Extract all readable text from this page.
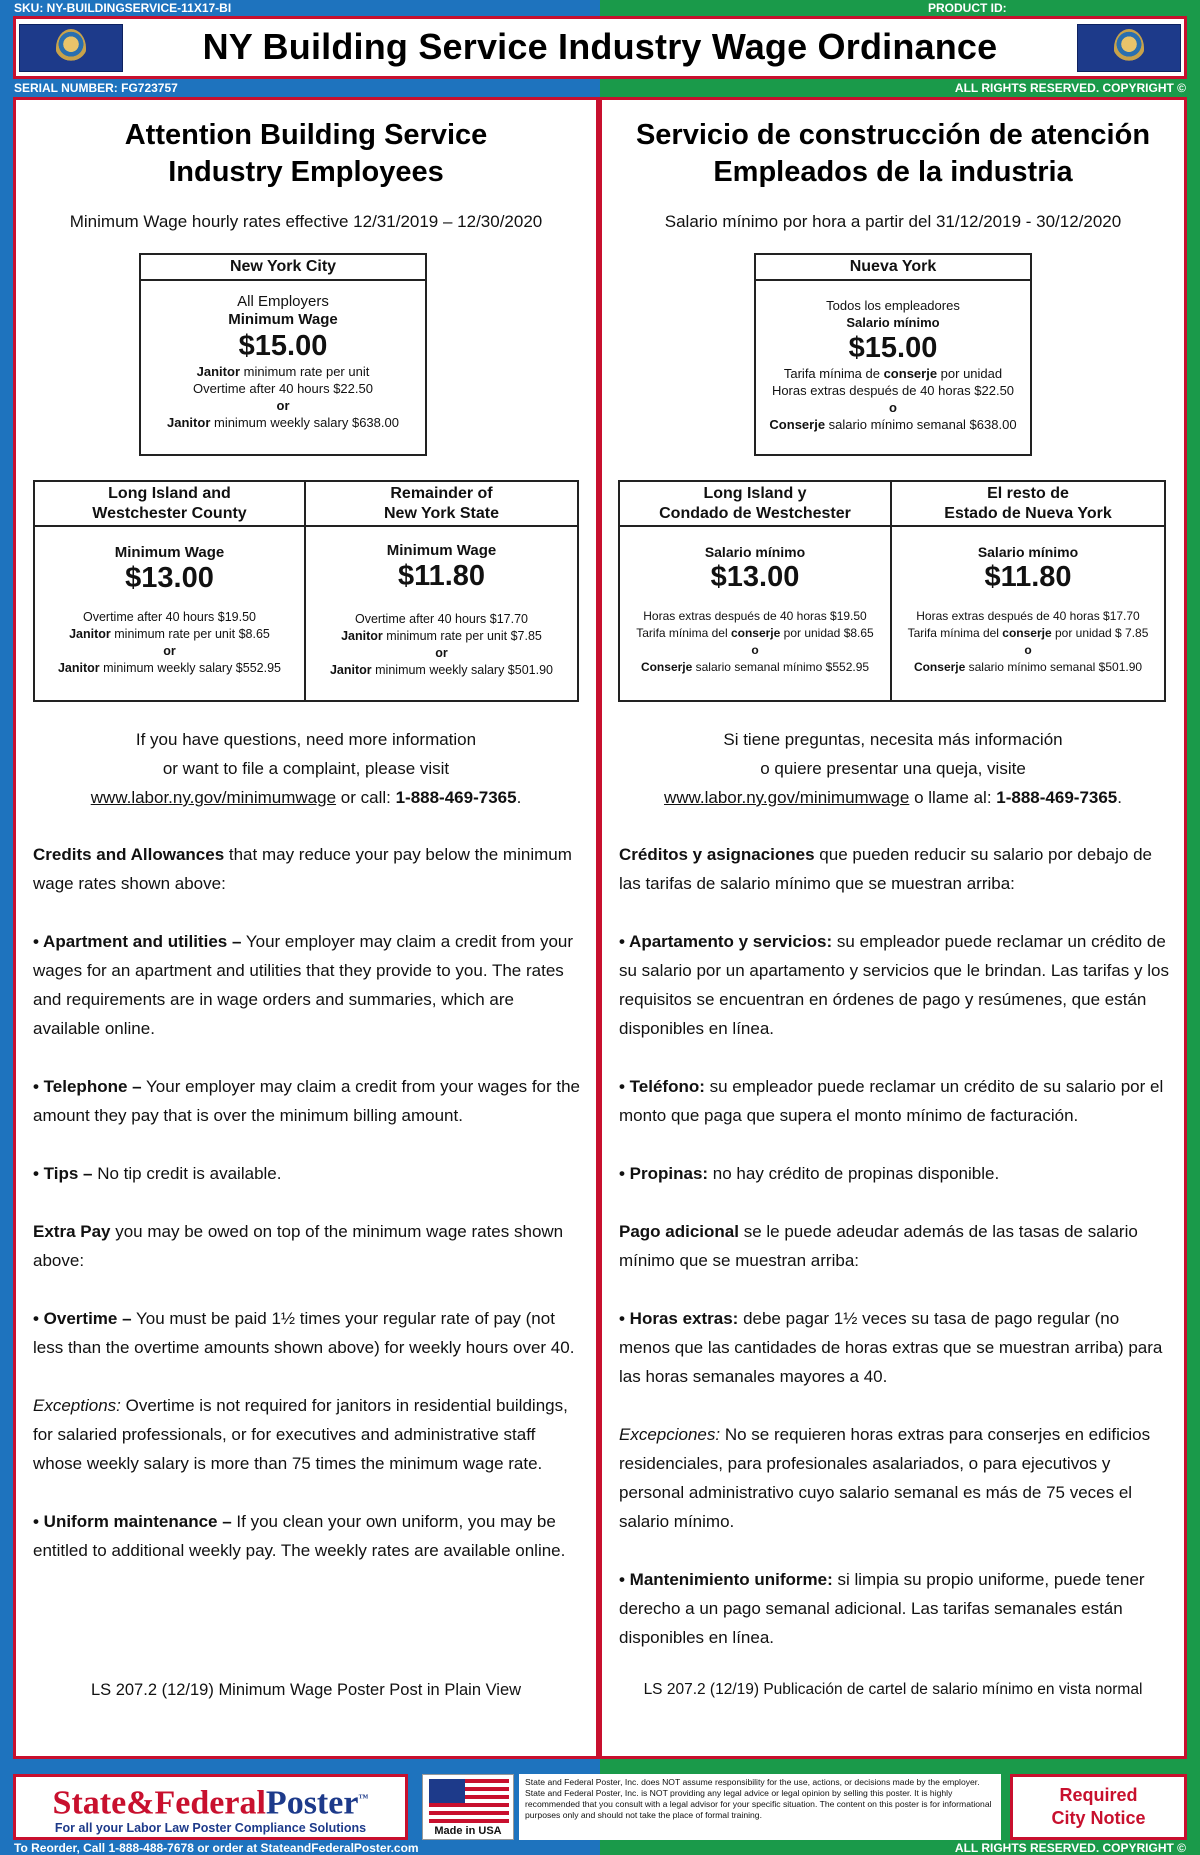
SKU: NY-BUILDINGSERVICE-11X17-BI	PRODUCT ID:
NY Building Service Industry Wage Ordinance
SERIAL NUMBER: FG723757	ALL RIGHTS RESERVED. COPYRIGHT ©
Attention Building Service
Industry Employees
Minimum Wage hourly rates effective 12/31/2019 – 12/30/2020
New York City
All Employers
Minimum Wage
$15.00
Janitor minimum rate per unit
Overtime after 40 hours $22.50
or
Janitor minimum weekly salary $638.00
Long Island and
Westchester County
Minimum Wage
$13.00
Overtime after 40 hours $19.50
Janitor minimum rate per unit $8.65
or
Janitor minimum weekly salary $552.95
Remainder of
New York State
Minimum Wage
$11.80
Overtime after 40 hours $17.70
Janitor minimum rate per unit $7.85
or
Janitor minimum weekly salary $501.90
If you have questions, need more information
or want to file a complaint, please visit
www.labor.ny.gov/minimumwage or call: 1-888-469-7365.

Credits and Allowances that may reduce your pay below the minimum wage rates shown above:

• Apartment and utilities – Your employer may claim a credit from your wages for an apartment and utilities that they provide to you. The rates and requirements are in wage orders and summaries, which are available online.

• Telephone – Your employer may claim a credit from your wages for the amount they pay that is over the minimum billing amount.

• Tips – No tip credit is available.

Extra Pay you may be owed on top of the minimum wage rates shown above:

• Overtime – You must be paid 1½ times your regular rate of pay (not less than the overtime amounts shown above) for weekly hours over 40.

Exceptions: Overtime is not required for janitors in residential buildings, for salaried professionals, or for executives and administrative staff whose weekly salary is more than 75 times the minimum wage rate.

• Uniform maintenance – If you clean your own uniform, you may be entitled to additional weekly pay. The weekly rates are available online.

LS 207.2 (12/19) Minimum Wage Poster Post in Plain View
Servicio de construcción de atención
Empleados de la industria
Salario mínimo por hora a partir del 31/12/2019 - 30/12/2020
Nueva York
Todos los empleadores
Salario mínimo
$15.00
Tarifa mínima de conserje por unidad
Horas extras después de 40 horas $22.50
o
Conserje salario mínimo semanal $638.00
Long Island y
Condado de Westchester
Salario mínimo
$13.00
Horas extras después de 40 horas $19.50
Tarifa mínima del conserje por unidad $8.65
o
Conserje salario semanal mínimo $552.95
El resto de
Estado de Nueva York
Salario mínimo
$11.80
Horas extras después de 40 horas $17.70
Tarifa mínima del conserje por unidad $ 7.85
o
Conserje salario mínimo semanal $501.90
Si tiene preguntas, necesita más información
o quiere presentar una queja, visite
www.labor.ny.gov/minimumwage o llame al: 1-888-469-7365.

Créditos y asignaciones que pueden reducir su salario por debajo de las tarifas de salario mínimo que se muestran arriba:

• Apartamento y servicios: su empleador puede reclamar un crédito de su salario por un apartamento y servicios que le brindan. Las tarifas y los requisitos se encuentran en órdenes de pago y resúmenes, que están disponibles en línea.

• Teléfono: su empleador puede reclamar un crédito de su salario por el monto que paga que supera el monto mínimo de facturación.

• Propinas: no hay crédito de propinas disponible.

Pago adicional se le puede adeudar además de las tasas de salario mínimo que se muestran arriba:

• Horas extras: debe pagar 1½ veces su tasa de pago regular (no menos que las cantidades de horas extras que se muestran arriba) para las horas semanales mayores a 40.

Excepciones: No se requieren horas extras para conserjes en edificios residenciales, para profesionales asalariados, o para ejecutivos y personal administrativo cuyo salario semanal es más de 75 veces el salario mínimo.

• Mantenimiento uniforme: si limpia su propio uniforme, puede tener derecho a un pago semanal adicional. Las tarifas semanales están disponibles en línea.

LS 207.2 (12/19) Publicación de cartel de salario mínimo en vista normal
State&FederalPoster™
For all your Labor Law Poster Compliance Solutions	Made in USA
State and Federal Poster, Inc. does NOT assume responsibility for the use, actions, or decisions made by the employer. State and Federal Poster, Inc. is NOT providing any legal advice or legal opinion by selling this poster. It is highly recommended that you consult with a legal advisor for your specific situation. The content on this poster is for informational purposes only and should not take the place of formal training.
Required
City Notice
To Reorder, Call 1-888-488-7678 or order at StateandFederalPoster.com	ALL RIGHTS RESERVED. COPYRIGHT ©
